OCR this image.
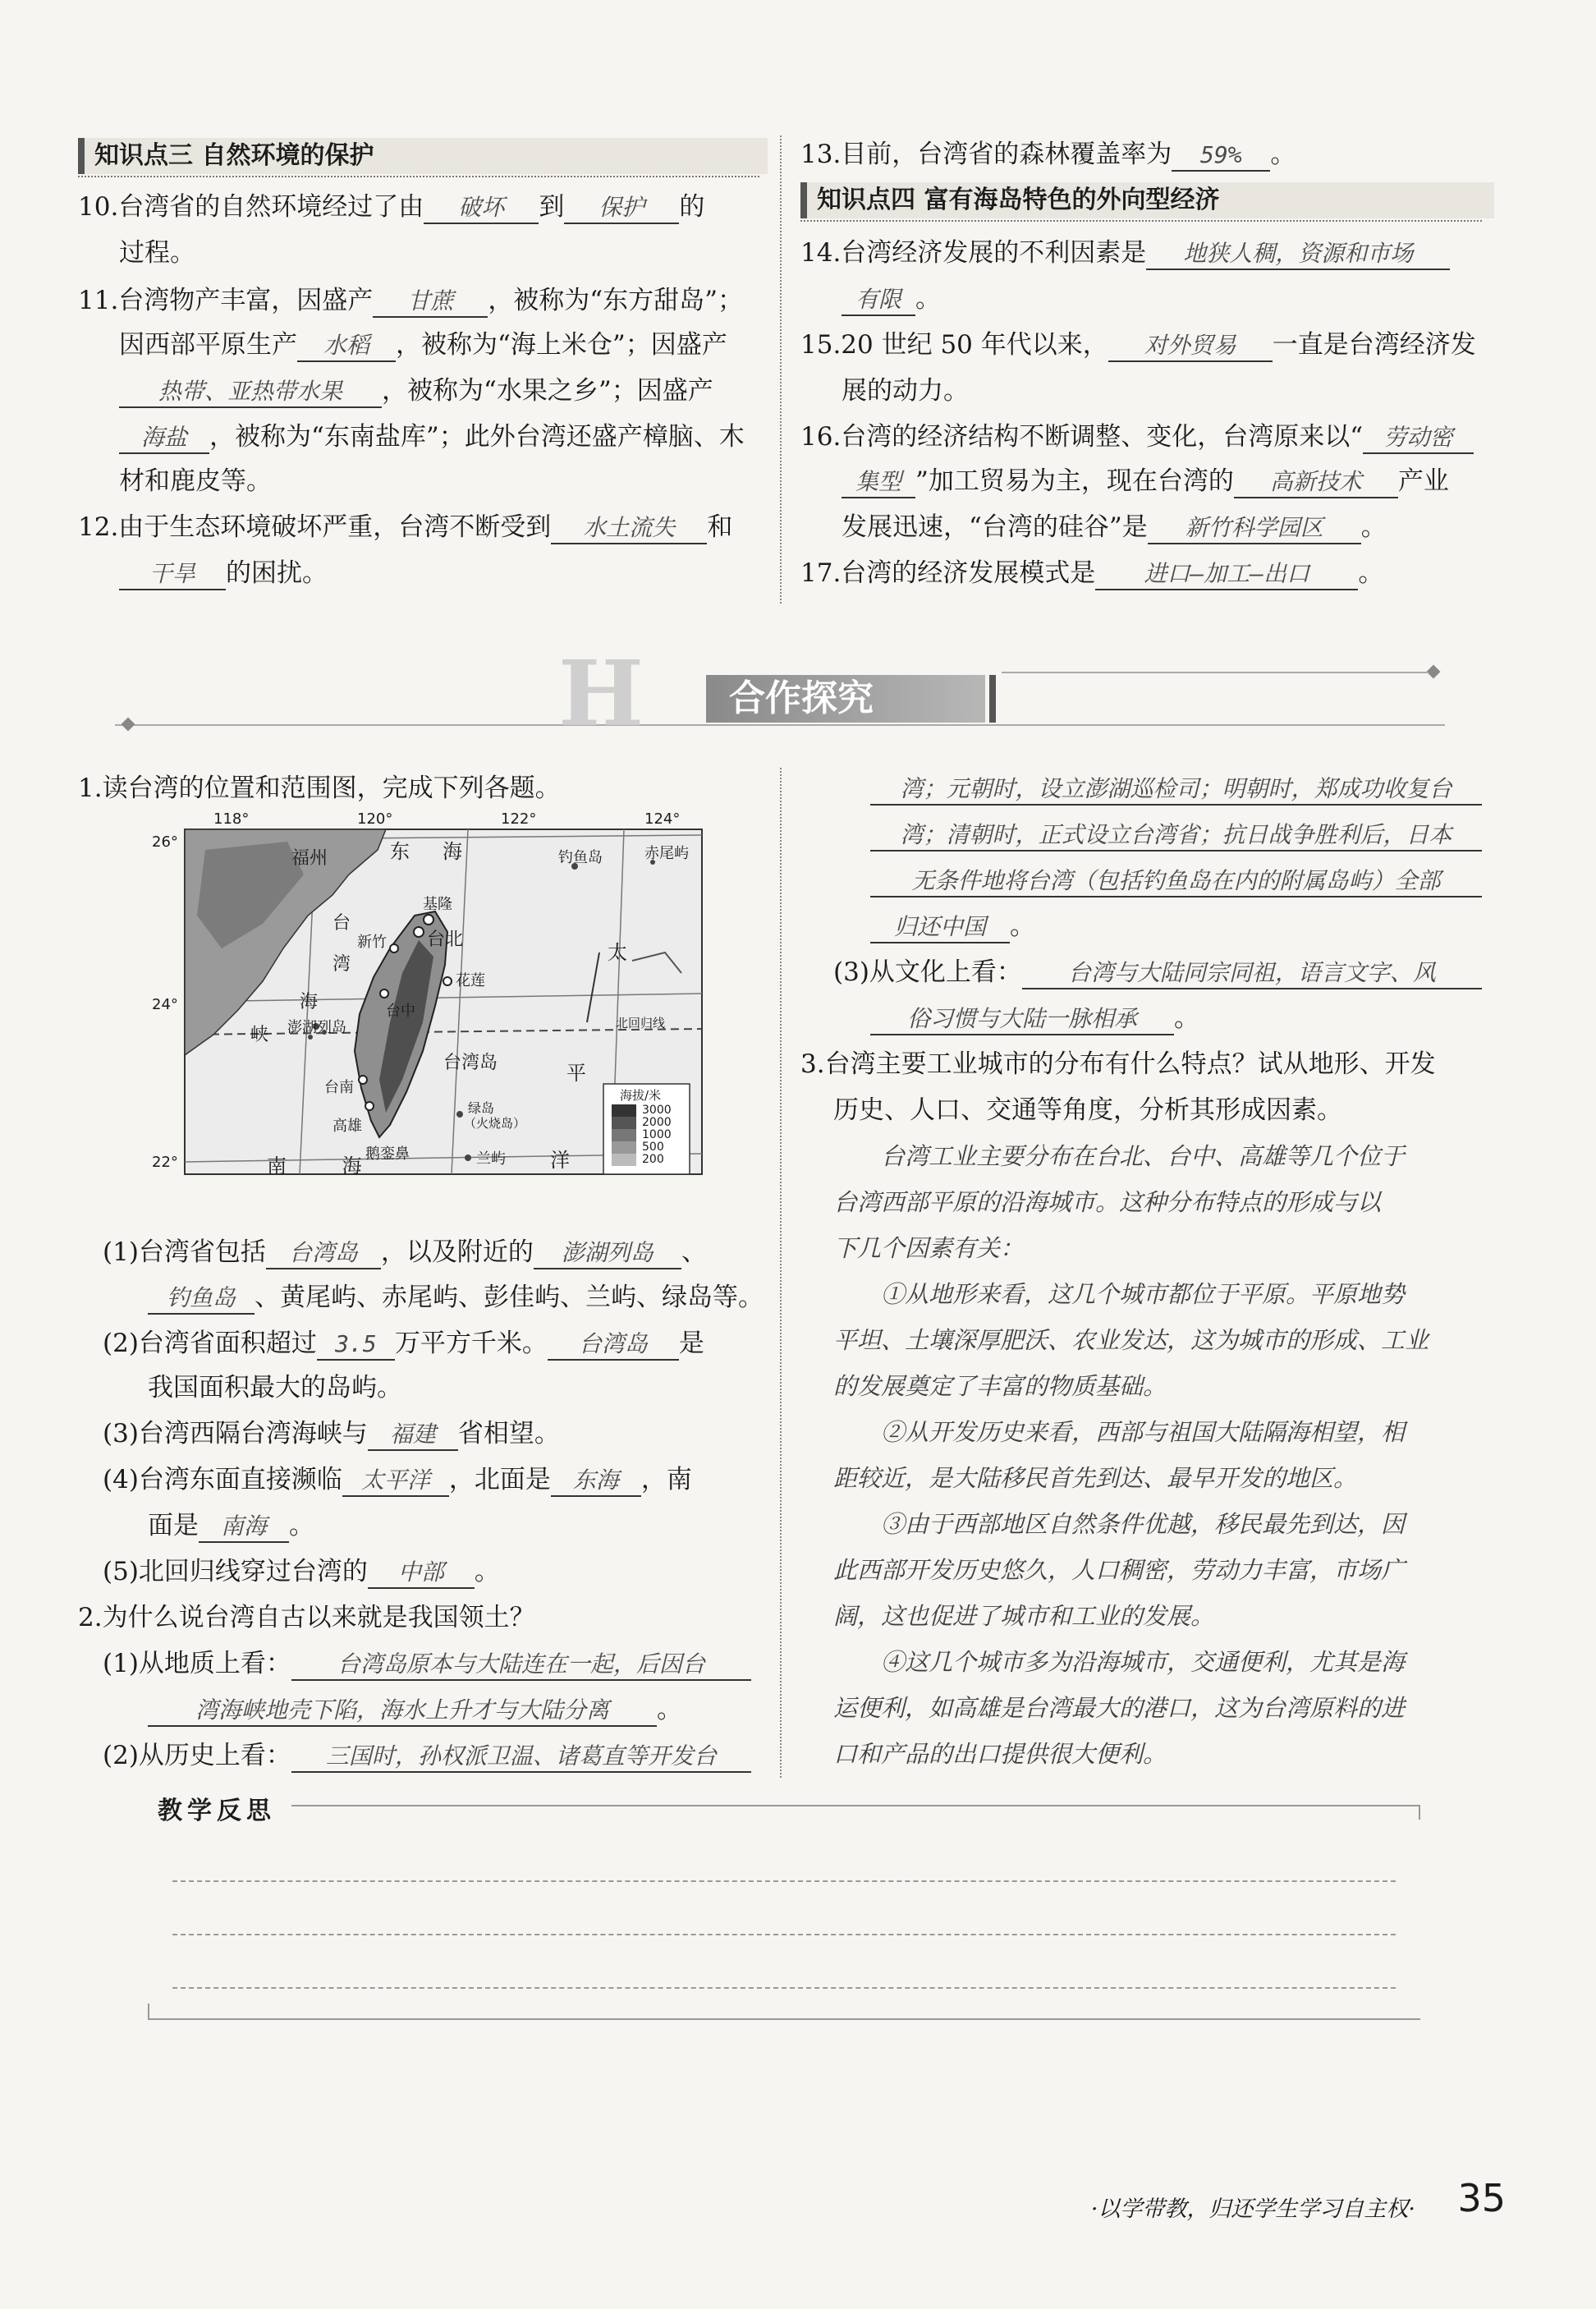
知识点三 自然环境的保护
10.台湾省的自然环境经过了由 破坏 到 保护 的
过程。
11.台湾物产丰富，因盛产 甘蔗 ，被称为“东方甜岛”；
因西部平原生产 水稻 ，被称为“海上米仓”；因盛产
热带、亚热带水果 ，被称为“水果之乡”；因盛产
海盐 ，被称为“东南盐库”；此外台湾还盛产樟脑、木
材和鹿皮等。
12.由于生态环境破坏严重，台湾不断受到 水土流失 和
干旱 的困扰。
13.目前，台湾省的森林覆盖率为 59% 。
知识点四 富有海岛特色的外向型经济
14.台湾经济发展的不利因素是 地狭人稠，资源和市场
有限 。
15.20 世纪 50 年代以来， 对外贸易 一直是台湾经济发
展的动力。
16.台湾的经济结构不断调整、变化，台湾原来以“ 劳动密
集型 ”加工贸易为主，现在台湾的 高新技术 产业
发展迅速，“台湾的硅谷”是 新竹科学园区 。
17.台湾的经济发展模式是 进口—加工—出口 。
H 合作探究
1.读台湾的位置和范围图，完成下列各题。
118°	120°	122°	124°
26°
24°
22°
福州	东海	钓鱼岛	赤尾屿
基隆
台北
新竹
台
湾
海
峡 澎湖列岛
花莲
台中
台湾岛	平
太
台南
高雄
绿岛
（火烧岛）
兰屿
鹅銮鼻
南 海	洋
北回归线
海拔/米
3000
2000
1000
500
200
(1)台湾省包括 台湾岛 ，以及附近的 澎湖列岛 、
钓鱼岛 、黄尾屿、赤尾屿、彭佳屿、兰屿、绿岛等。
(2)台湾省面积超过 3.5 万平方千米。 台湾岛 是
我国面积最大的岛屿。
(3)台湾西隔台湾海峡与 福建 省相望。
(4)台湾东面直接濒临 太平洋 ，北面是 东海 ，南
面是 南海 。
(5)北回归线穿过台湾的 中部 。
2.为什么说台湾自古以来就是我国领土？
(1)从地质上看： 台湾岛原本与大陆连在一起，后因台
湾海峡地壳下陷，海水上升才与大陆分离 。
(2)从历史上看： 三国时，孙权派卫温、诸葛直等开发台
湾；元朝时，设立澎湖巡检司；明朝时，郑成功收复台
湾；清朝时，正式设立台湾省；抗日战争胜利后，日本
无条件地将台湾（包括钓鱼岛在内的附属岛屿）全部
归还中国 。
(3)从文化上看： 台湾与大陆同宗同祖，语言文字、风
俗习惯与大陆一脉相承 。
3.台湾主要工业城市的分布有什么特点？试从地形、开发
历史、人口、交通等角度，分析其形成因素。
　　台湾工业主要分布在台北、台中、高雄等几个位于
台湾西部平原的沿海城市。这种分布特点的形成与以
下几个因素有关：
　　①从地形来看，这几个城市都位于平原。平原地势
平坦、土壤深厚肥沃、农业发达，这为城市的形成、工业
的发展奠定了丰富的物质基础。
　　②从开发历史来看，西部与祖国大陆隔海相望，相
距较近，是大陆移民首先到达、最早开发的地区。
　　③由于西部地区自然条件优越，移民最先到达，因
此西部开发历史悠久，人口稠密，劳动力丰富，市场广
阔，这也促进了城市和工业的发展。
　　④这几个城市多为沿海城市，交通便利，尤其是海
运便利，如高雄是台湾最大的港口，这为台湾原料的进
口和产品的出口提供很大便利。
教学反思
·以学带教，归还学生学习自主权· 35
